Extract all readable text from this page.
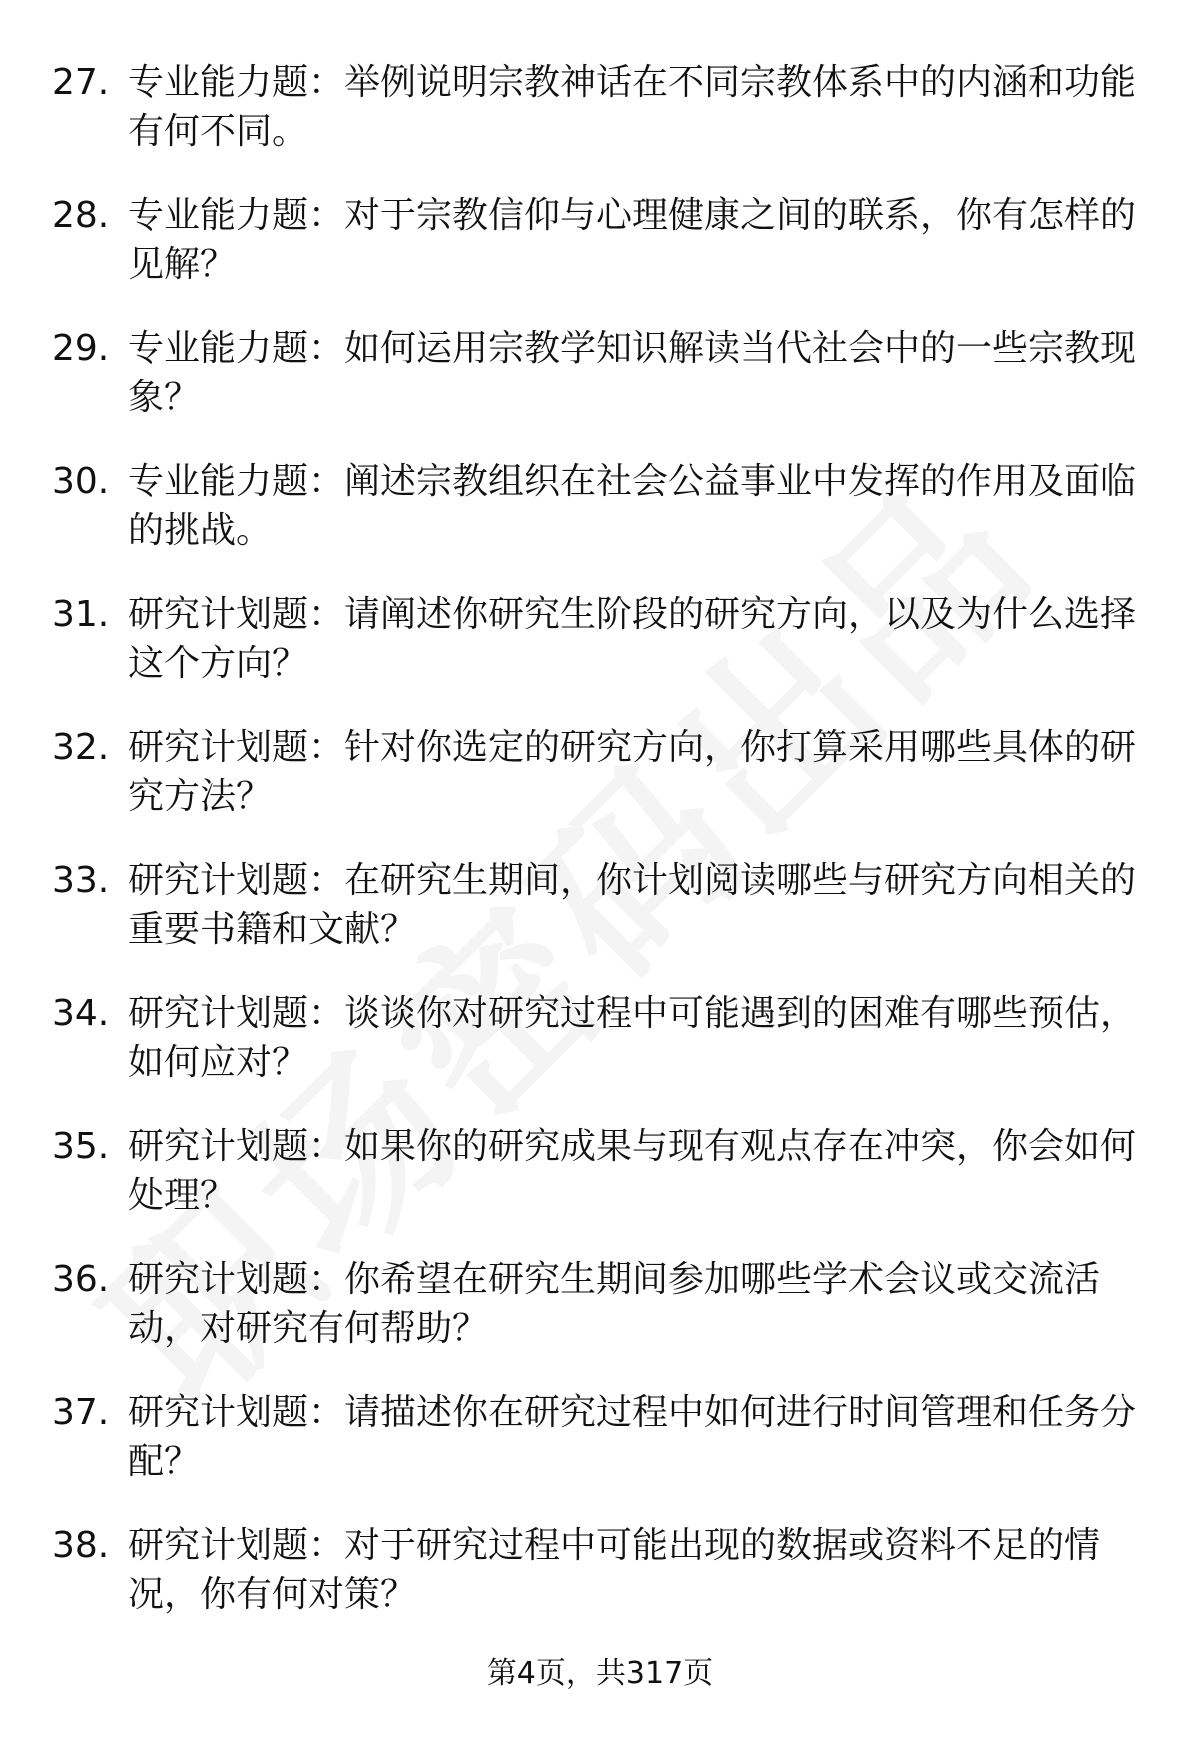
27. 专业能力题：举例说明宗教神话在不同宗教体系中的内涵和功能有何不同。
28. 专业能力题：对于宗教信仰与心理健康之间的联系，你有怎样的见解？
29. 专业能力题：如何运用宗教学知识解读当代社会中的一些宗教现象？
30. 专业能力题：阐述宗教组织在社会公益事业中发挥的作用及面临的挑战。
31. 研究计划题：请阐述你研究生阶段的研究方向，以及为什么选择这个方向？
32. 研究计划题：针对你选定的研究方向，你打算采用哪些具体的研究方法？
33. 研究计划题：在研究生期间，你计划阅读哪些与研究方向相关的重要书籍和文献？
34. 研究计划题：谈谈你对研究过程中可能遇到的困难有哪些预估，如何应对？
35. 研究计划题：如果你的研究成果与现有观点存在冲突，你会如何处理？
36. 研究计划题：你希望在研究生期间参加哪些学术会议或交流活动，对研究有何帮助？
37. 研究计划题：请描述你在研究过程中如何进行时间管理和任务分配？
38. 研究计划题：对于研究过程中可能出现的数据或资料不足的情况，你有何对策？
第4页，共317页
